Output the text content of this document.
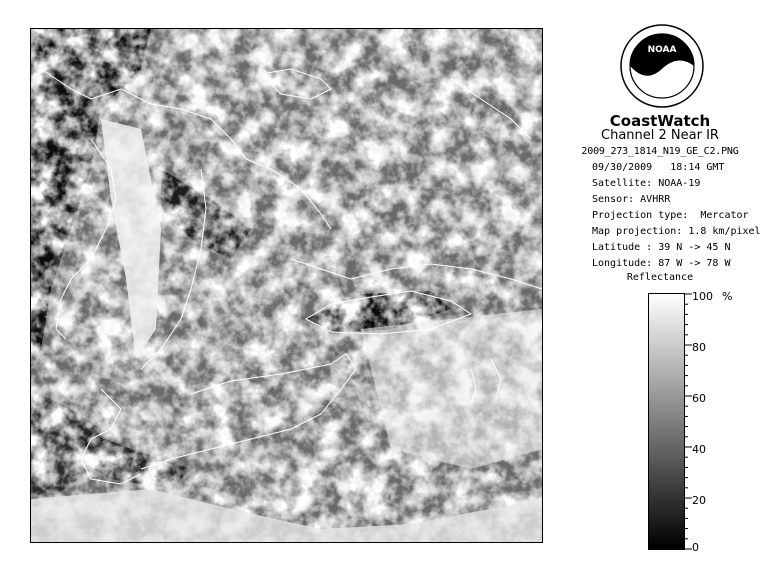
NOAA
CoastWatch
Channel 2 Near IR
2009_273_1814_N19_GE_C2.PNG
09/30/2009   18:14 GMT
Satellite: NOAA-19
Sensor: AVHRR
Projection type:  Mercator
Map projection: 1.8 km/pixel
Latitude : 39 N -> 45 N
Longitude: 87 W -> 78 W
Reflectance
100
80
60
40
20
0
%
